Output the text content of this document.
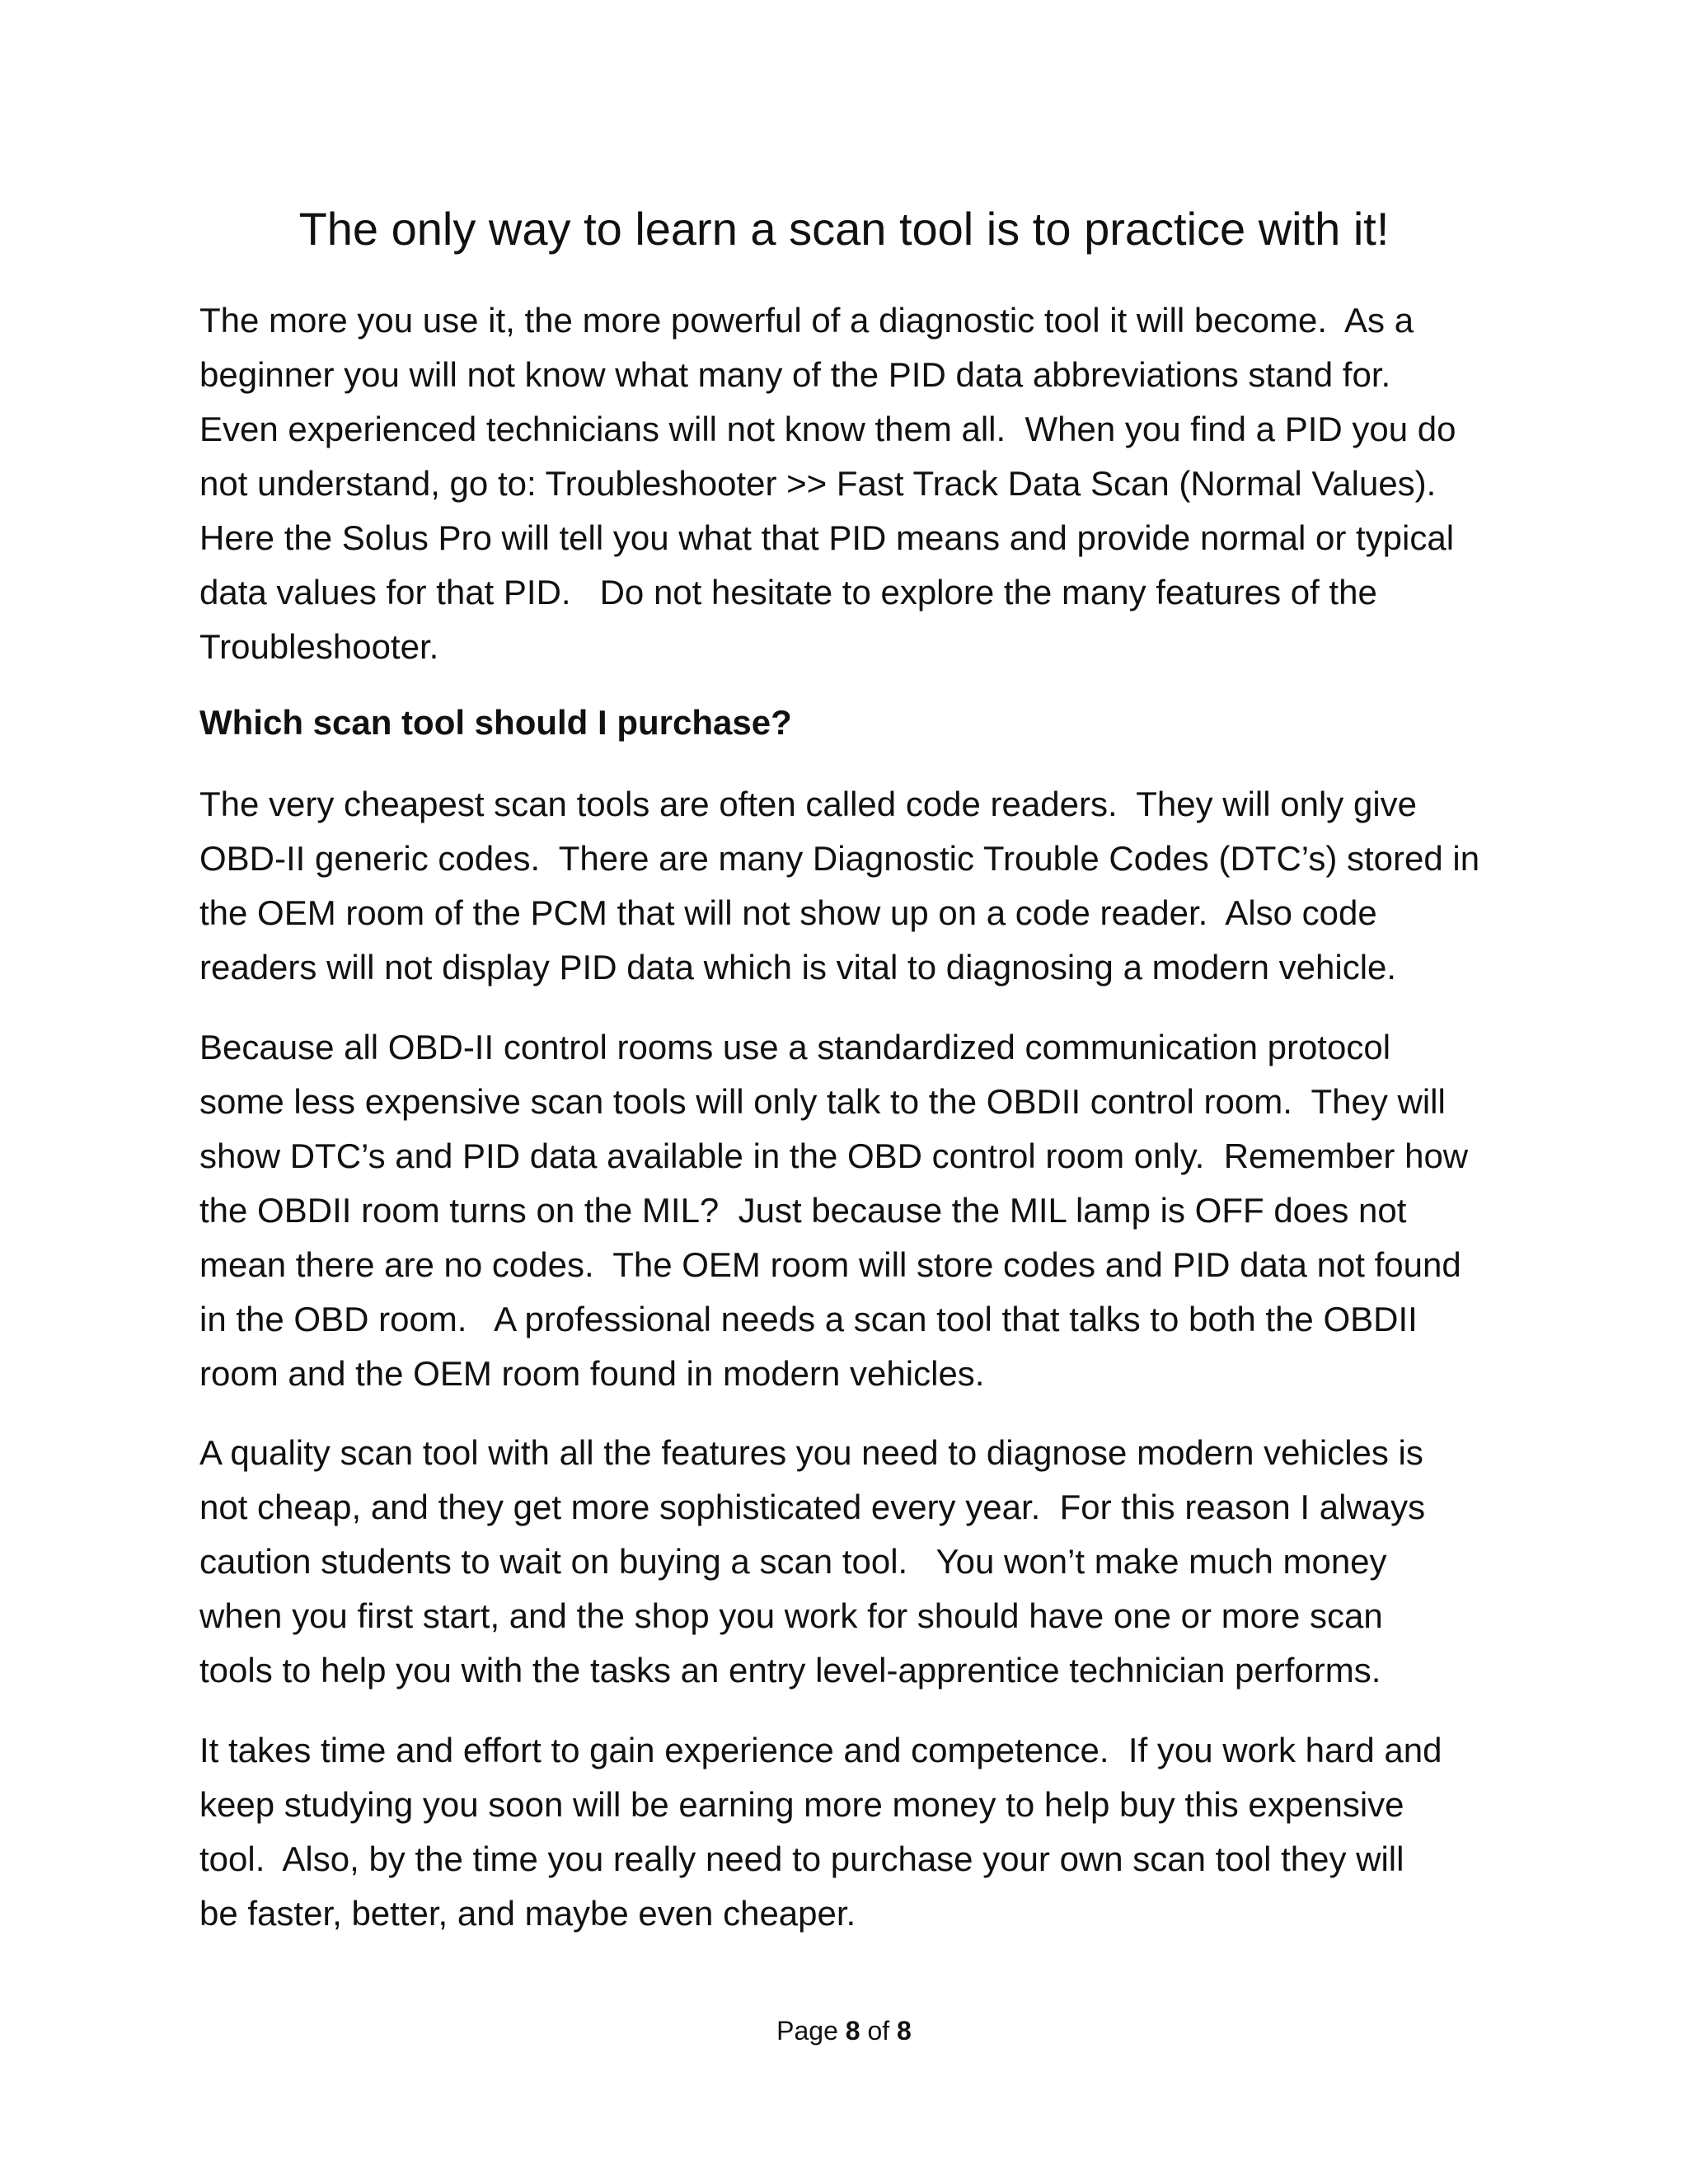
The only way to learn a scan tool is to practice with it!

The more you use it, the more powerful of a diagnostic tool it will become.  As a
beginner you will not know what many of the PID data abbreviations stand for.
Even experienced technicians will not know them all.  When you find a PID you do
not understand, go to: Troubleshooter >> Fast Track Data Scan (Normal Values).
Here the Solus Pro will tell you what that PID means and provide normal or typical
data values for that PID.   Do not hesitate to explore the many features of the
Troubleshooter.

Which scan tool should I purchase?

The very cheapest scan tools are often called code readers.  They will only give
OBD-II generic codes.  There are many Diagnostic Trouble Codes (DTC’s) stored in
the OEM room of the PCM that will not show up on a code reader.  Also code
readers will not display PID data which is vital to diagnosing a modern vehicle.

Because all OBD-II control rooms use a standardized communication protocol
some less expensive scan tools will only talk to the OBDII control room.  They will
show DTC’s and PID data available in the OBD control room only.  Remember how
the OBDII room turns on the MIL?  Just because the MIL lamp is OFF does not
mean there are no codes.  The OEM room will store codes and PID data not found
in the OBD room.   A professional needs a scan tool that talks to both the OBDII
room and the OEM room found in modern vehicles.

A quality scan tool with all the features you need to diagnose modern vehicles is
not cheap, and they get more sophisticated every year.  For this reason I always
caution students to wait on buying a scan tool.   You won’t make much money
when you first start, and the shop you work for should have one or more scan
tools to help you with the tasks an entry level-apprentice technician performs.

It takes time and effort to gain experience and competence.  If you work hard and
keep studying you soon will be earning more money to help buy this expensive
tool.  Also, by the time you really need to purchase your own scan tool they will
be faster, better, and maybe even cheaper.

Page 8 of 8
